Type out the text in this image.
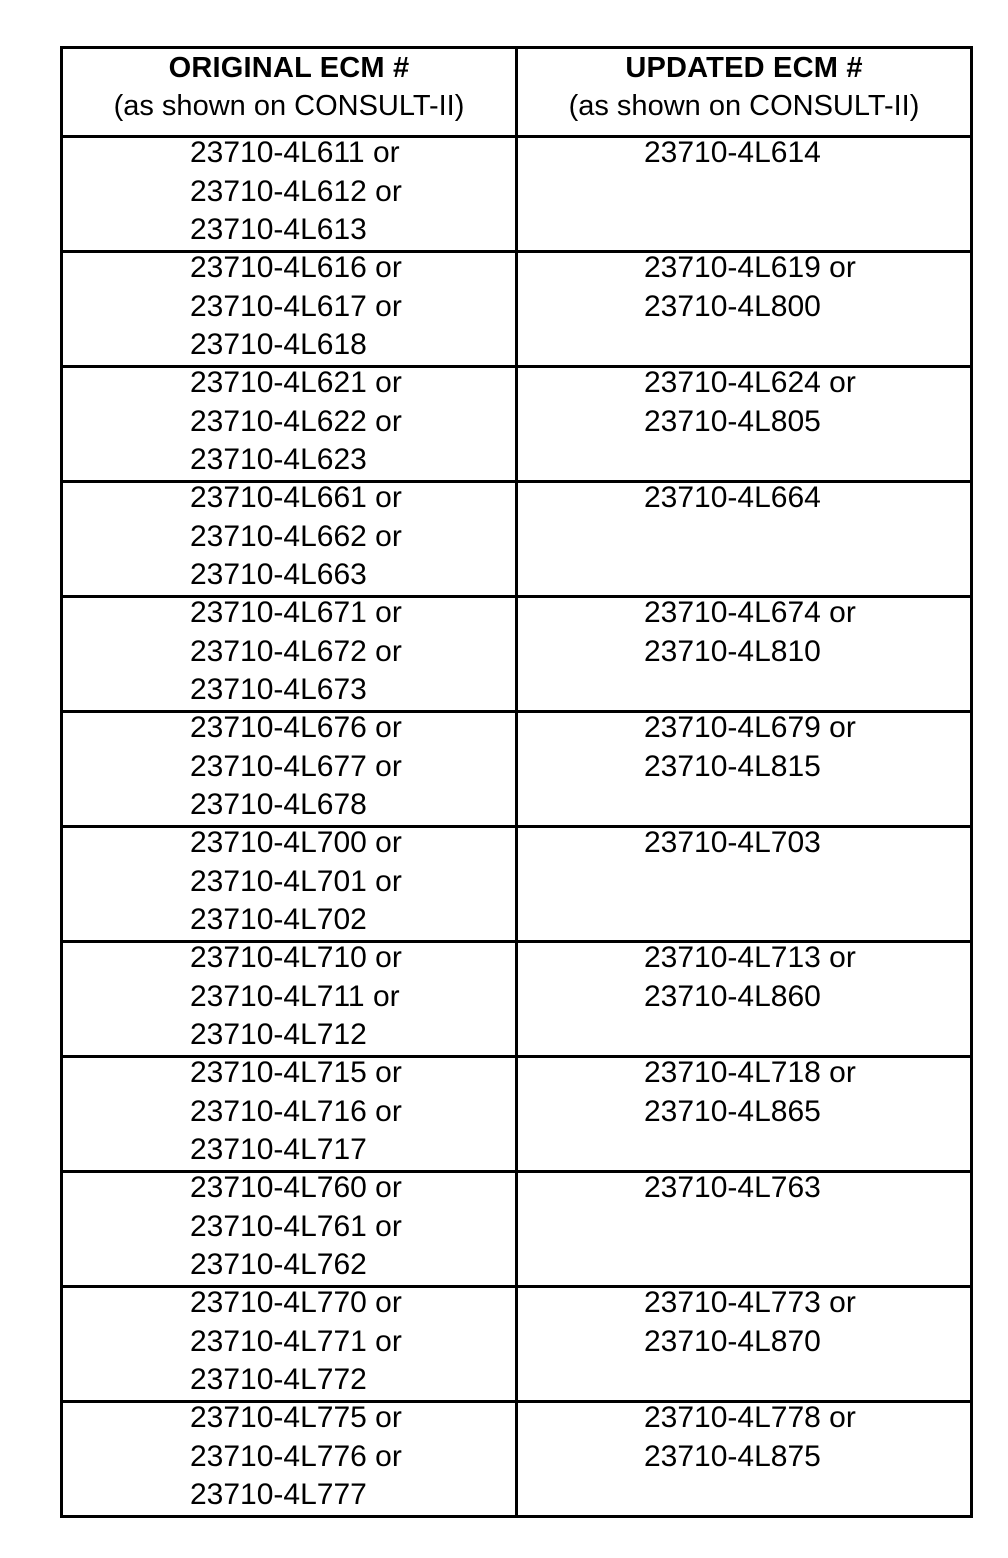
ORIGINAL ECM #
(as shown on CONSULT-II)	UPDATED ECM #
(as shown on CONSULT-II)

23710-4L611 or
23710-4L612 or
23710-4L613	23710-4L614

23710-4L616 or
23710-4L617 or
23710-4L618	23710-4L619 or
23710-4L800

23710-4L621 or
23710-4L622 or
23710-4L623	23710-4L624 or
23710-4L805

23710-4L661 or
23710-4L662 or
23710-4L663	23710-4L664

23710-4L671 or
23710-4L672 or
23710-4L673	23710-4L674 or
23710-4L810

23710-4L676 or
23710-4L677 or
23710-4L678	23710-4L679 or
23710-4L815

23710-4L700 or
23710-4L701 or
23710-4L702	23710-4L703

23710-4L710 or
23710-4L711 or
23710-4L712	23710-4L713 or
23710-4L860

23710-4L715 or
23710-4L716 or
23710-4L717	23710-4L718 or
23710-4L865

23710-4L760 or
23710-4L761 or
23710-4L762	23710-4L763

23710-4L770 or
23710-4L771 or
23710-4L772	23710-4L773 or
23710-4L870

23710-4L775 or
23710-4L776 or
23710-4L777	23710-4L778 or
23710-4L875
